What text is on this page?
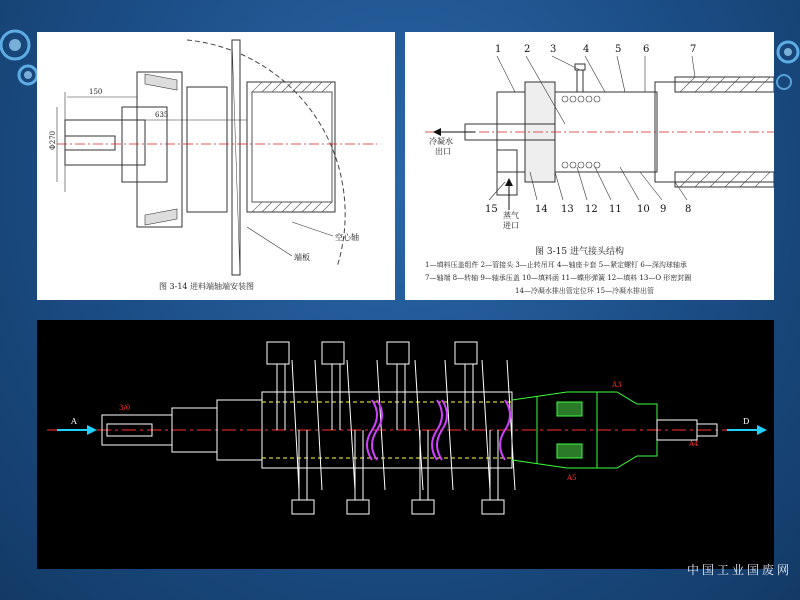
150
635
Φ270
空心轴
端板
图 3-14 进料端轴端安装图
冷凝水
出口
蒸气
进口
1 2 3	4	5 6	7
15	14 13 12 11 10 9 8
图 3-15 进气接头结构
1—填料压盖组件 2—管接头 3—止转吊耳 4—轴座卡套 5—紧定螺钉 6—深沟球轴承
7—轴端 8—转轴 9—轴承压盖 10—填料函 11—蝶形弹簧 12—填料 13—O 形密封圈
14—冷凝水排出管定位环 15—冷凝水排出管
A	D
3/0
A3
A4
A5
中国工业国废网
